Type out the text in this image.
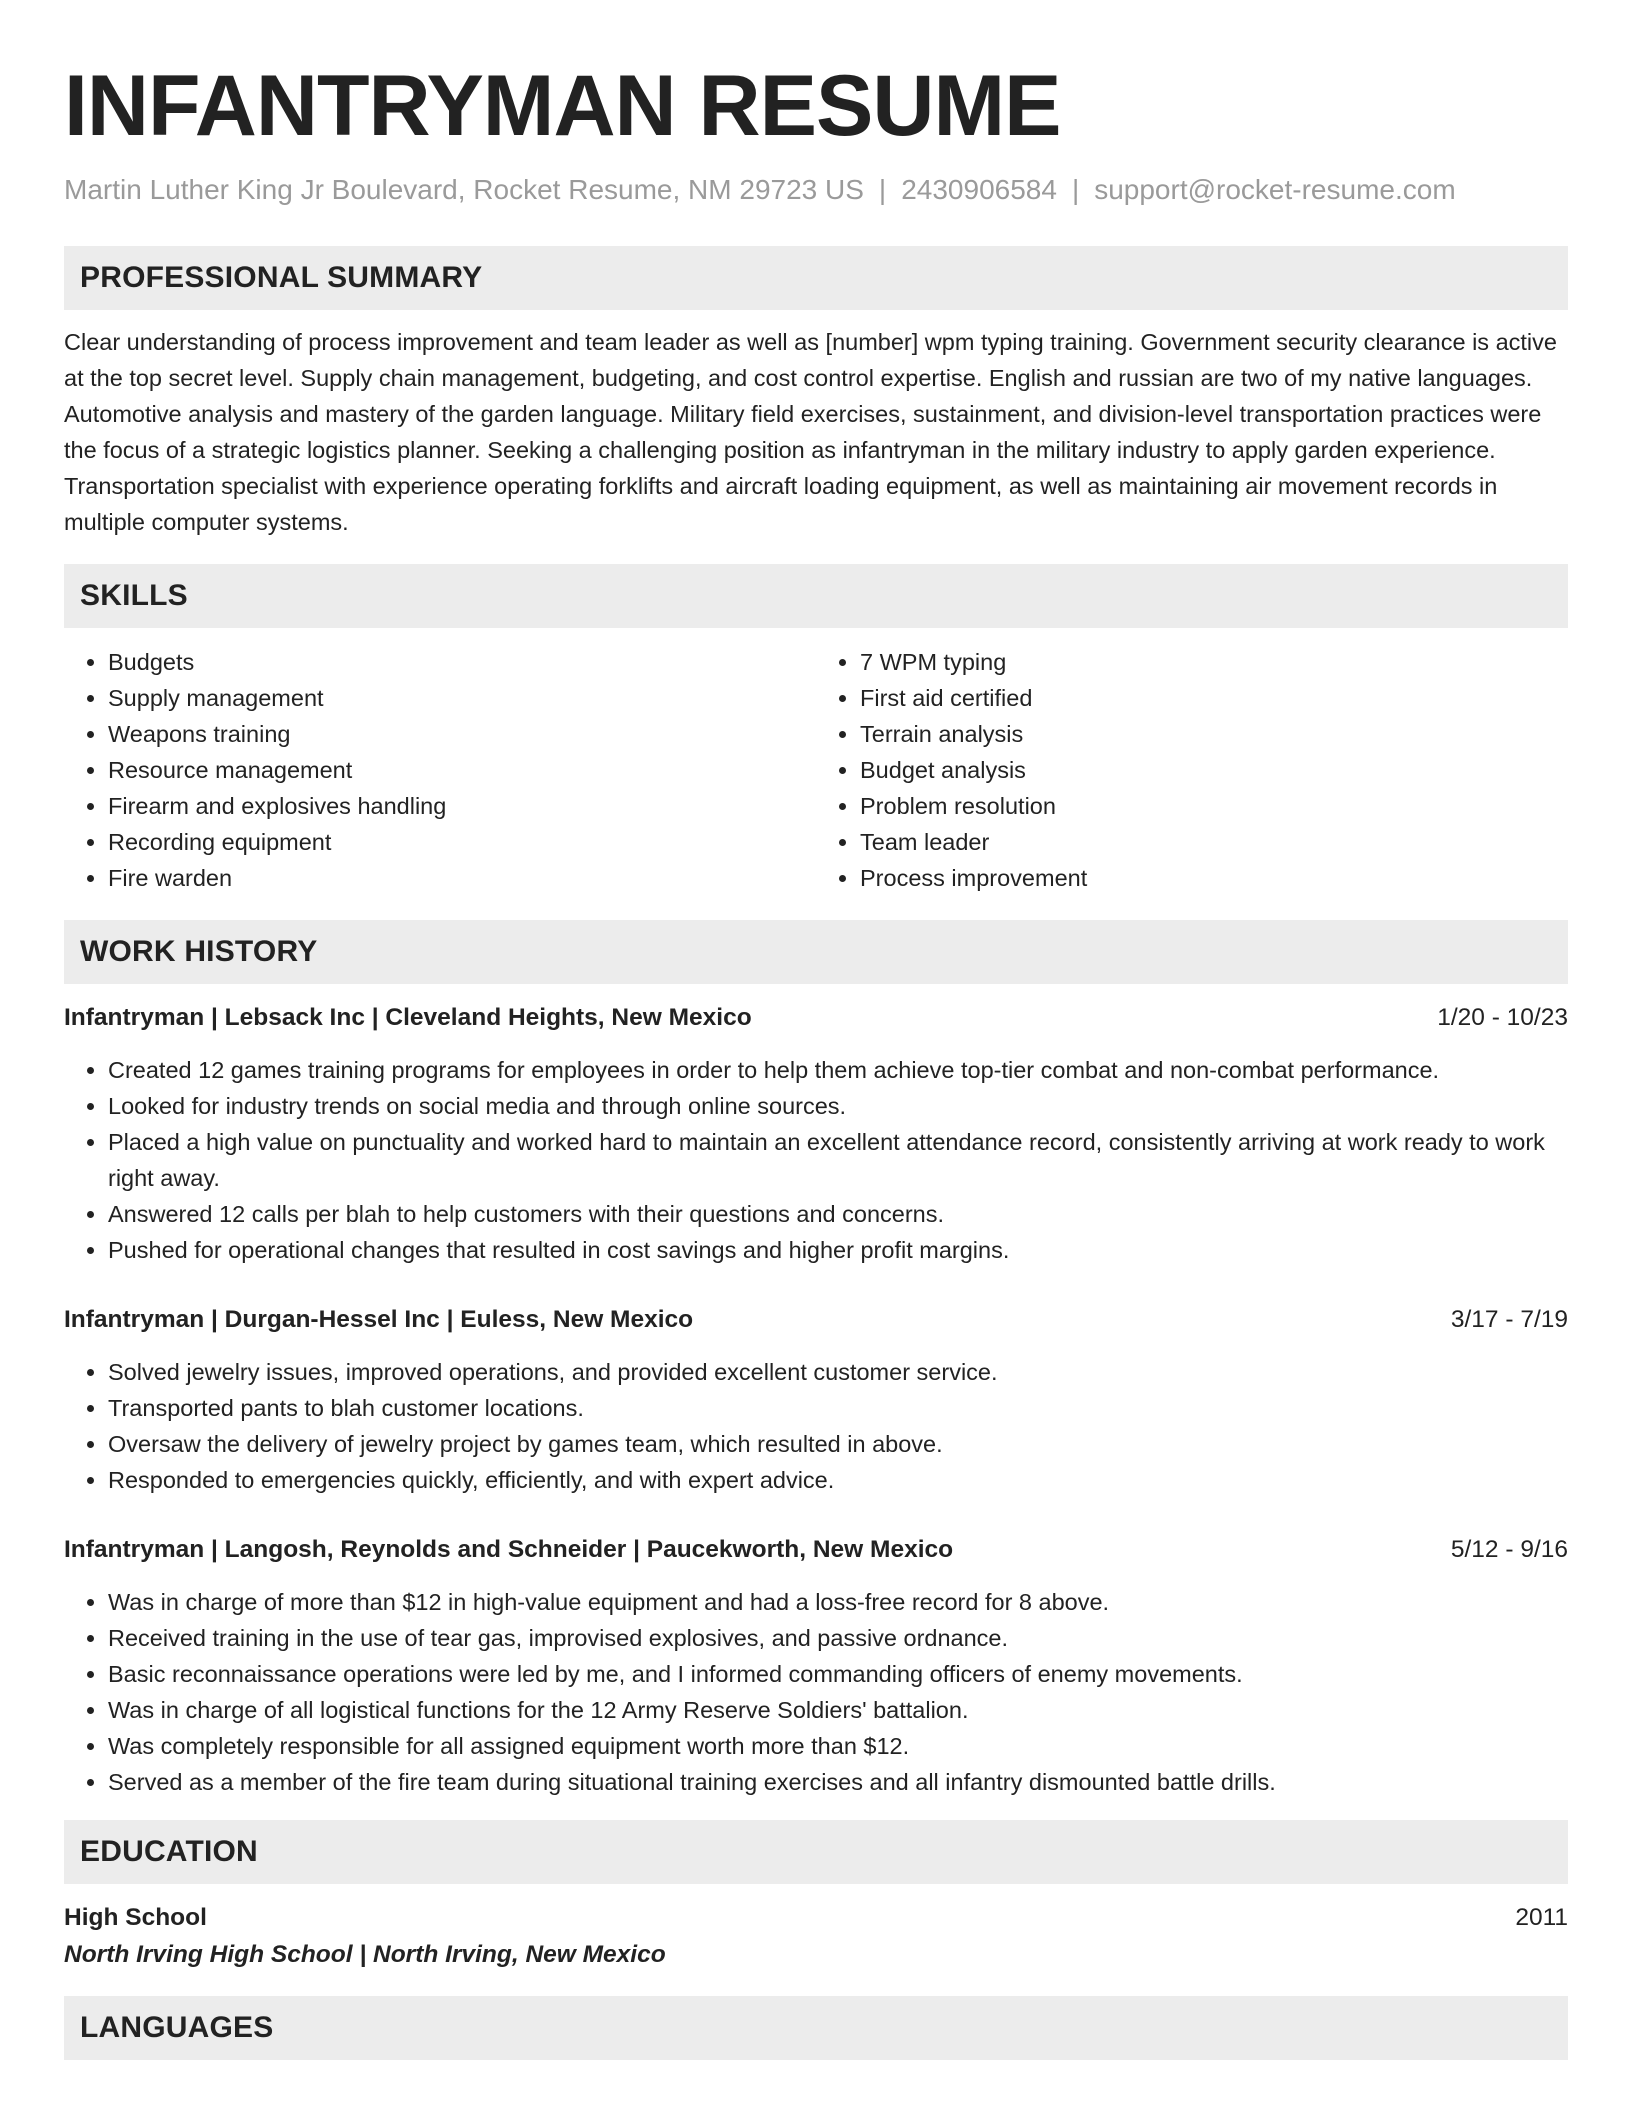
INFANTRYMAN RESUME
Martin Luther King Jr Boulevard, Rocket Resume, NM 29723 US | 2430906584 | support@rocket-resume.com
PROFESSIONAL SUMMARY

Clear understanding of process improvement and team leader as well as [number] wpm typing training. Government security clearance is active at the top secret level. Supply chain management, budgeting, and cost control expertise. English and russian are two of my native languages. Automotive analysis and mastery of the garden language. Military field exercises, sustainment, and division-level transportation practices were the focus of a strategic logistics planner. Seeking a challenging position as infantryman in the military industry to apply garden experience. Transportation specialist with experience operating forklifts and aircraft loading equipment, as well as maintaining air movement records in multiple computer systems.

SKILLS
• Budgets
• Supply management
• Weapons training
• Resource management
• Firearm and explosives handling
• Recording equipment
• Fire warden
• 7 WPM typing
• First aid certified
• Terrain analysis
• Budget analysis
• Problem resolution
• Team leader
• Process improvement
WORK HISTORY
Infantryman | Lebsack Inc | Cleveland Heights, New Mexico	1/20 - 10/23
• Created 12 games training programs for employees in order to help them achieve top-tier combat and non-combat performance.
• Looked for industry trends on social media and through online sources.
• Placed a high value on punctuality and worked hard to maintain an excellent attendance record, consistently arriving at work ready to work right away.
• Answered 12 calls per blah to help customers with their questions and concerns.
• Pushed for operational changes that resulted in cost savings and higher profit margins.
Infantryman | Durgan-Hessel Inc | Euless, New Mexico	3/17 - 7/19
• Solved jewelry issues, improved operations, and provided excellent customer service.
• Transported pants to blah customer locations.
• Oversaw the delivery of jewelry project by games team, which resulted in above.
• Responded to emergencies quickly, efficiently, and with expert advice.
Infantryman | Langosh, Reynolds and Schneider | Paucekworth, New Mexico	5/12 - 9/16
• Was in charge of more than $12 in high-value equipment and had a loss-free record for 8 above.
• Received training in the use of tear gas, improvised explosives, and passive ordnance.
• Basic reconnaissance operations were led by me, and I informed commanding officers of enemy movements.
• Was in charge of all logistical functions for the 12 Army Reserve Soldiers' battalion.
• Was completely responsible for all assigned equipment worth more than $12.
• Served as a member of the fire team during situational training exercises and all infantry dismounted battle drills.
EDUCATION
High School	2011
North Irving High School | North Irving, New Mexico
LANGUAGES
